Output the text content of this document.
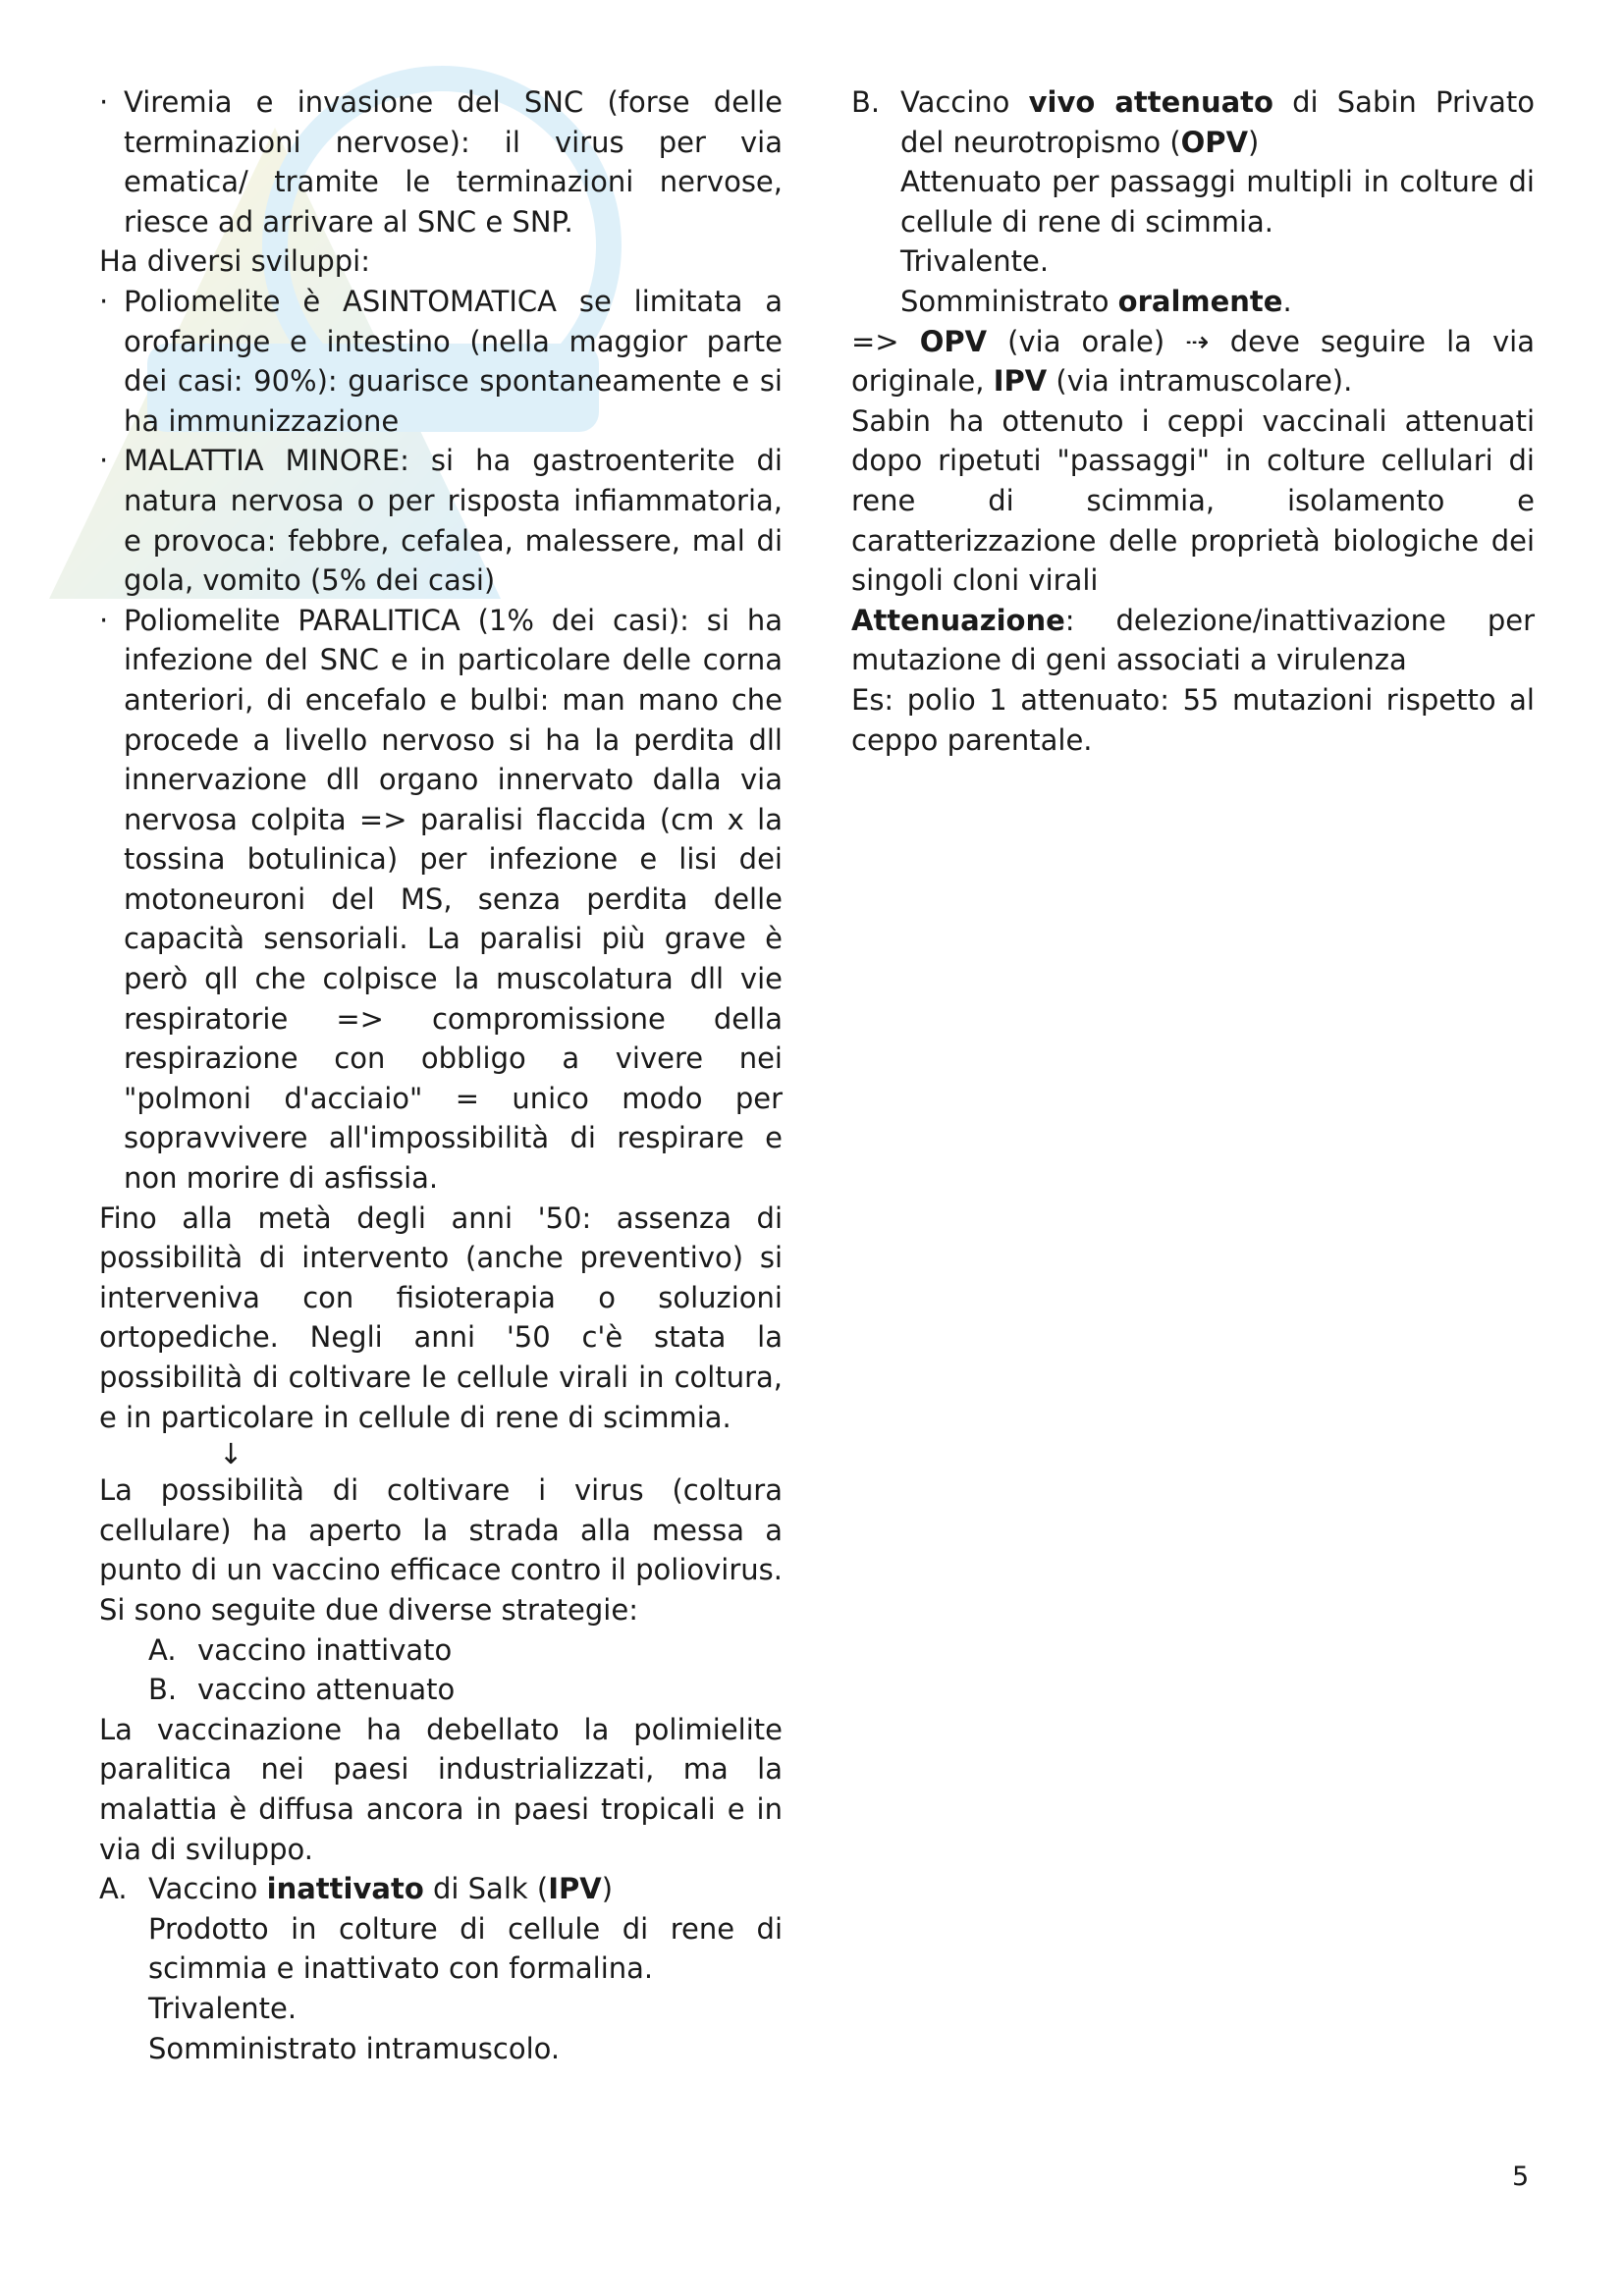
· Viremia e invasione del SNC (forse delle terminazioni nervose): il virus per via ematica/ tramite le terminazioni nervose, riesce ad arrivare al SNC e SNP.

Ha diversi sviluppi:

· Poliomelite è ASINTOMATICA se limitata a orofaringe e intestino (nella maggior parte dei casi: 90%): guarisce spontaneamente e si ha immunizzazione

· MALATTIA MINORE: si ha gastroenterite di natura nervosa o per risposta infiammatoria, e provoca: febbre, cefalea, malessere, mal di gola, vomito (5% dei casi)

· Poliomelite PARALITICA (1% dei casi): si ha infezione del SNC e in particolare delle corna anteriori, di encefalo e bulbi: man mano che procede a livello nervoso si ha la perdita dll innervazione dll organo innervato dalla via nervosa colpita => paralisi flaccida (cm x la tossina botulinica) per infezione e lisi dei motoneuroni del MS, senza perdita delle capacità sensoriali. La paralisi più grave è però qll che colpisce la muscolatura dll vie respiratorie => compromissione della respirazione con obbligo a vivere nei "polmoni d'acciaio" = unico modo per sopravvivere all'impossibilità di respirare e non morire di asfissia.

Fino alla metà degli anni '50: assenza di possibilità di intervento (anche preventivo) si interveniva con fisioterapia o soluzioni ortopediche. Negli anni '50 c'è stata la possibilità di coltivare le cellule virali in coltura, e in particolare in cellule di rene di scimmia.

↓

La possibilità di coltivare i virus (coltura cellulare) ha aperto la strada alla messa a punto di un vaccino efficace contro il poliovirus. Si sono seguite due diverse strategie:

A. vaccino inattivato

B. vaccino attenuato

La vaccinazione ha debellato la polimielite paralitica nei paesi industrializzati, ma la malattia è diffusa ancora in paesi tropicali e in via di sviluppo.

A. Vaccino inattivato di Salk (IPV)

Prodotto in colture di cellule di rene di scimmia e inattivato con formalina.

Trivalente.

Somministrato intramuscolo.

B. Vaccino vivo attenuato di Sabin Privato del neurotropismo (OPV)

Attenuato per passaggi multipli in colture di cellule di rene di scimmia.

Trivalente.

Somministrato oralmente.

=> OPV (via orale) ⇢ deve seguire la via originale, IPV (via intramuscolare).

Sabin ha ottenuto i ceppi vaccinali attenuati dopo ripetuti "passaggi" in colture cellulari di rene di scimmia, isolamento e caratterizzazione delle proprietà biologiche dei singoli cloni virali

Attenuazione: delezione/inattivazione per mutazione di geni associati a virulenza

Es: polio 1 attenuato: 55 mutazioni rispetto al ceppo parentale.

5
